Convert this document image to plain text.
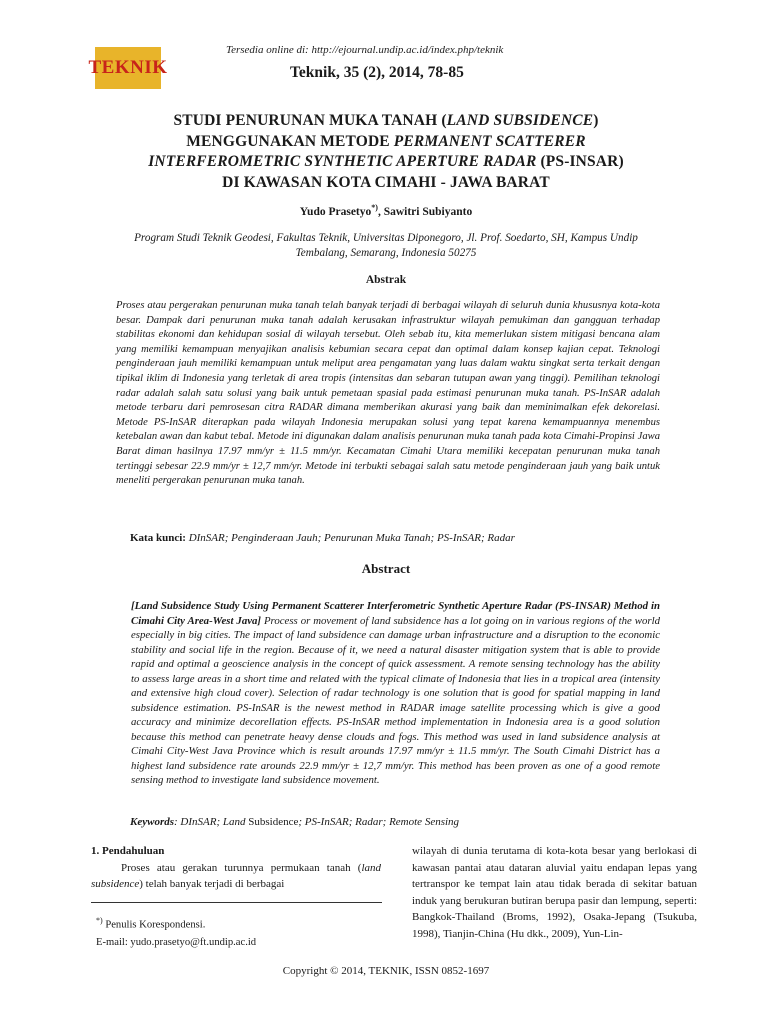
TEKNIK
Tersedia online di: http://ejournal.undip.ac.id/index.php/teknik
Teknik, 35 (2), 2014, 78-85
STUDI PENURUNAN MUKA TANAH (LAND SUBSIDENCE)
MENGGUNAKAN METODE PERMANENT SCATTERER
INTERFEROMETRIC SYNTHETIC APERTURE RADAR (PS-INSAR)
DI KAWASAN KOTA CIMAHI - JAWA BARAT
Yudo Prasetyo*), Sawitri Subiyanto
Program Studi Teknik Geodesi, Fakultas Teknik, Universitas Diponegoro, Jl. Prof. Soedarto, SH, Kampus Undip
Tembalang, Semarang, Indonesia 50275
Abstrak
Proses atau pergerakan penurunan muka tanah telah banyak terjadi di berbagai wilayah di seluruh dunia khususnya kota-kota besar. Dampak dari penurunan muka tanah adalah kerusakan infrastruktur wilayah pemukiman dan gangguan terhadap stabilitas ekonomi dan kehidupan sosial di wilayah tersebut. Oleh sebab itu, kita memerlukan sistem mitigasi bencana alam yang memiliki kemampuan menyajikan analisis kebumian secara cepat dan optimal dalam konsep kajian cepat. Teknologi penginderaan jauh memiliki kemampuan untuk meliput area pengamatan yang luas dalam waktu singkat serta terkait dengan tipikal iklim di Indonesia yang terletak di area tropis (intensitas dan sebaran tutupan awan yang tinggi). Pemilihan teknologi radar adalah salah satu solusi yang baik untuk pemetaan spasial pada estimasi penurunan muka tanah. PS-InSAR adalah metode terbaru dari pemrosesan citra RADAR dimana memberikan akurasi yang baik dan meminimalkan efek dekorelasi. Metode PS-InSAR diterapkan pada wilayah Indonesia merupakan solusi yang tepat karena kemampuannya menembus ketebalan awan dan kabut tebal. Metode ini digunakan dalam analisis penurunan muka tanah pada kota Cimahi-Propinsi Jawa Barat diman hasilnya 17.97 mm/yr ± 11.5 mm/yr. Kecamatan Cimahi Utara memiliki kecepatan penurunan muka tanah tertinggi sebesar 22.9 mm/yr ± 12,7 mm/yr. Metode ini terbukti sebagai salah satu metode penginderaan jauh yang baik untuk meneliti pergerakan penurunan muka tanah.
Kata kunci: DInSAR; Penginderaan Jauh; Penurunan Muka Tanah; PS-InSAR; Radar
Abstract
[Land Subsidence Study Using Permanent Scatterer Interferometric Synthetic Aperture Radar (PS-INSAR) Method in Cimahi City Area-West Java] Process or movement of land subsidence has a lot going on in various regions of the world especially in big cities. The impact of land subsidence can damage urban infrastructure and a disruption to the economic stability and social life in the region. Because of it, we need a natural disaster mitigation system that is able to provide rapid and optimal a geoscience analysis in the concept of quick assessment. A remote sensing technology has the ability to assess large areas in a short time and related with the typical climate of Indonesia that lies in a tropical area (intensity and extensive high cloud cover). Selection of radar technology is one solution that is good for spatial mapping in land subsidence estimation. PS-InSAR is the newest method in RADAR image satellite processing which is give a good accuracy and minimize decorellation effects. PS-InSAR method implementation in Indonesia area is a good solution because this method can penetrate heavy dense clouds and fogs. This method was used in land subsidence analysis at Cimahi City-West Java Province which is result arounds 17.97 mm/yr ± 11.5 mm/yr. The South Cimahi District has a highest land subsidence rate arounds 22.9 mm/yr ± 12,7 mm/yr. This method has been proven as one of a good remote sensing method to investigate land subsidence movement.
Keywords: DInSAR; Land Subsidence; PS-InSAR; Radar; Remote Sensing

1. Pendahuluan

Proses atau gerakan turunnya permukaan tanah (land subsidence) telah banyak terjadi di berbagai

*) Penulis Korespondensi.
E-mail: yudo.prasetyo@ft.undip.ac.id
wilayah di dunia terutama di kota-kota besar yang berlokasi di kawasan pantai atau dataran aluvial yaitu endapan lepas yang tertranspor ke tempat lain atau tidak berada di sekitar batuan induk yang berukuran butiran berupa pasir dan lempung, seperti: Bangkok-Thailand (Broms, 1992), Osaka-Jepang (Tsukuba, 1998), Tianjin-China (Hu dkk., 2009), Yun-Lin-
Copyright © 2014, TEKNIK, ISSN 0852-1697
